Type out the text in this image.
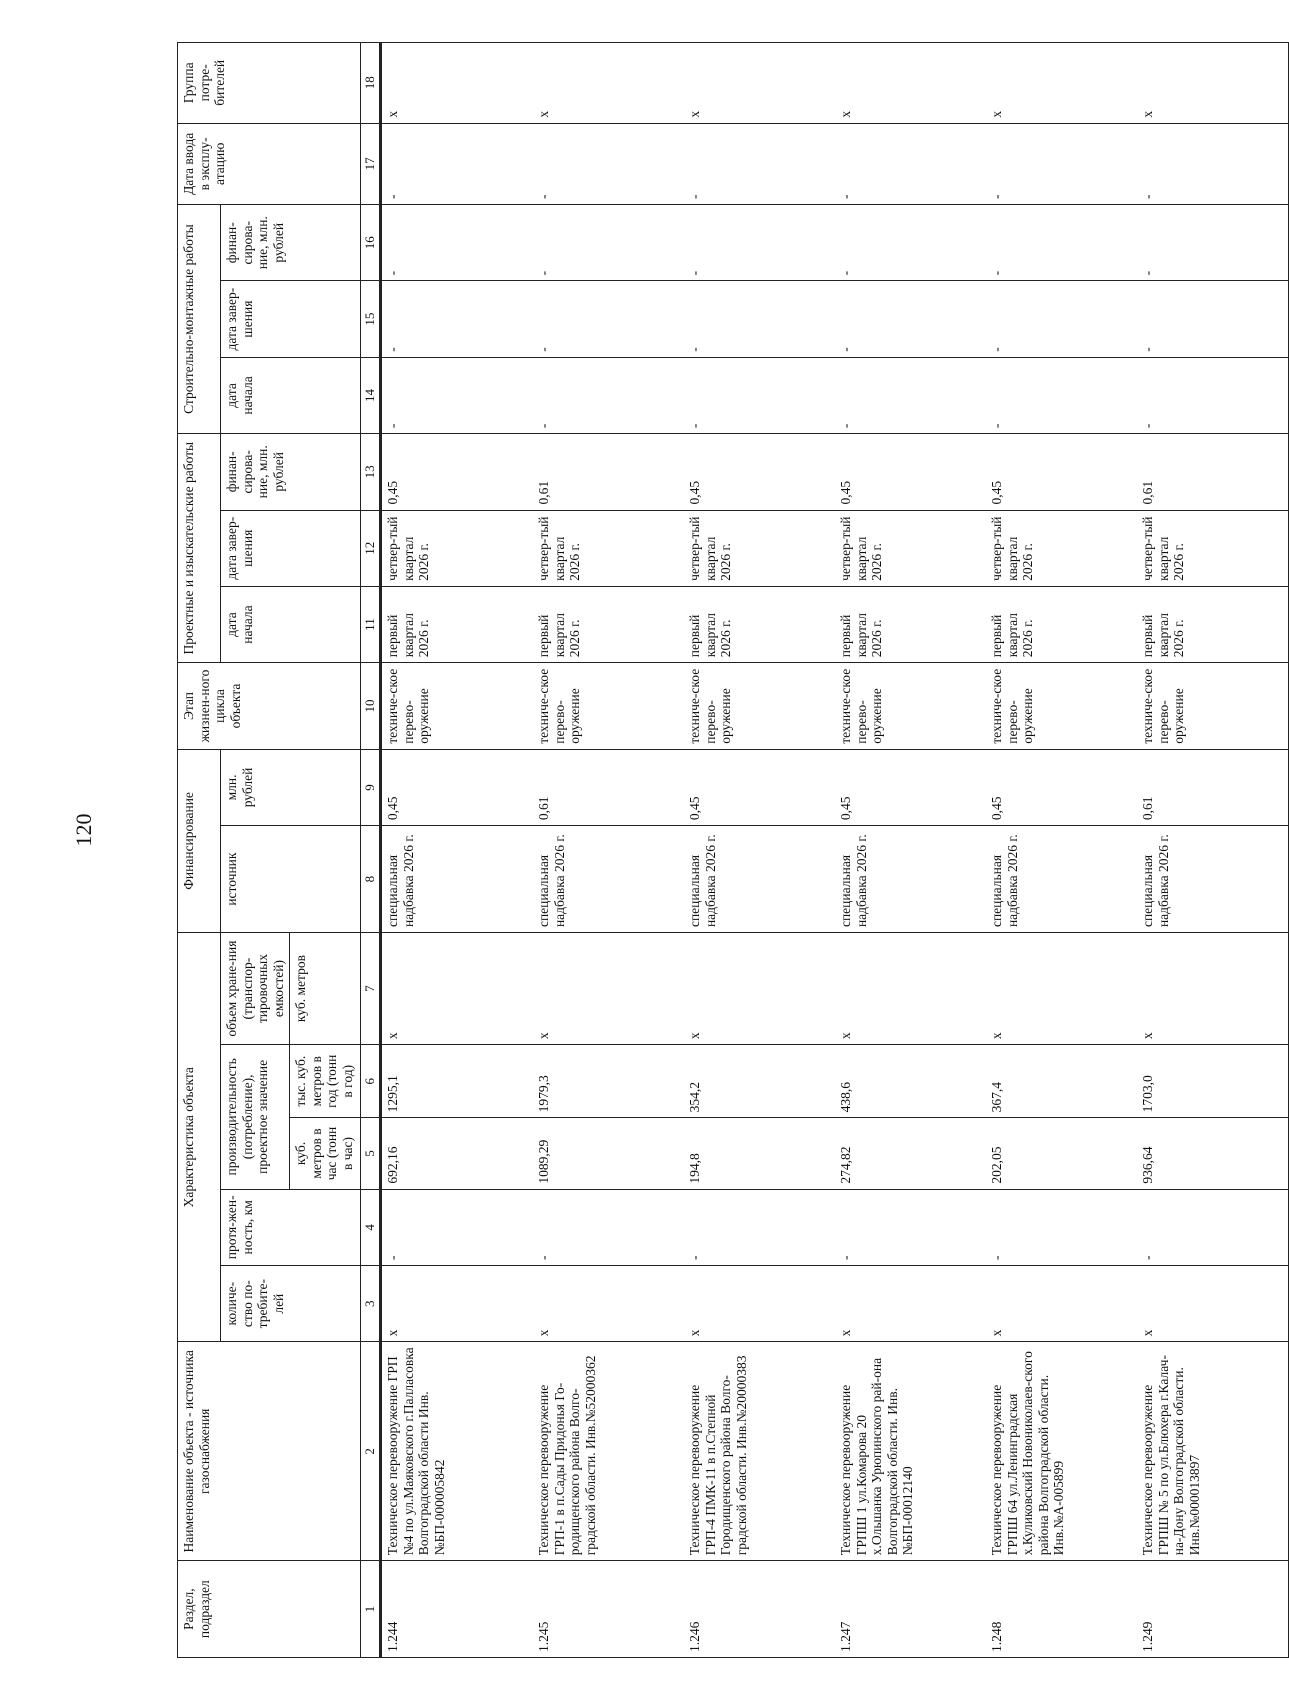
120
Раздел, подраздел	Наименование объекта - источника газоснабжения	Характеристика объекта					Финансирование		Этап жизнен-ного цикла объекта	Проектные и изыскательские работы			Строительно-монтажные работы			Дата ввода в эксплу-атацию	Группа потре-бителей
		количе-ство по-требите-лей	протя-жен-ность, км	производительность (потребление), проектное значение		объем хране-ния (транспор-тировочных емкостей)	источник	млн. рублей		дата начала	дата завер-шения	финан-сирова-ние, млн. рублей	дата начала	дата завер-шения	финан-сирова-ние, млн. рублей		
				куб. метров в час (тонн в час)	тыс. куб. метров в год (тонн в год)	куб. метров											
1	2	3	4	5	6	7	8	9	10	11	12	13	14	15	16	17	18
1.244	Техническое перевооружение ГРП №4 по ул.Маяковского г.Палласовка Волгоградской области Инв.№БП-000005842	х	-	692,16	1295,1	х	специальная надбавка 2026 г.	0,45	техниче-ское перево-оружение	первый квартал 2026 г.	четвер-тый квартал 2026 г.	0,45	-	-	-	-	х
1.245	Техническое перевооружение ГРП-1 в п.Сады Придонья Го-родищенского района Волго-градской области. Инв.№52000362	х	-	1089,29	1979,3	х	специальная надбавка 2026 г.	0,61	техниче-ское перево-оружение	первый квартал 2026 г.	четвер-тый квартал 2026 г.	0,61	-	-	-	-	х
1.246	Техническое перевооружение ГРП-4 ПМК-11 в п.Степной Городищенского района Волго-градской области. Инв.№20000383	х	-	194,8	354,2	х	специальная надбавка 2026 г.	0,45	техниче-ское перево-оружение	первый квартал 2026 г.	четвер-тый квартал 2026 г.	0,45	-	-	-	-	х
1.247	Техническое перевооружение ГРПШ 1 ул.Комарова 20 х.Ольшанка Урюпинского рай-она Волгоградской области. Инв.№БП-00012140	х	-	274,82	438,6	х	специальная надбавка 2026 г.	0,45	техниче-ское перево-оружение	первый квартал 2026 г.	четвер-тый квартал 2026 г.	0,45	-	-	-	-	х
1.248	Техническое перевооружение ГРПШ 64 ул.Ленинградская х.Куликовский Новониколаев-ского района Волгоградской области. Инв.№А-005899	х	-	202,05	367,4	х	специальная надбавка 2026 г.	0,45	техниче-ское перево-оружение	первый квартал 2026 г.	четвер-тый квартал 2026 г.	0,45	-	-	-	-	х
1.249	Техническое перевооружение ГРПШ № 5 по ул.Блюхера г.Калач-на-Дону Волгоградской области. Инв.№000013897	х	-	936,64	1703,0	х	специальная надбавка 2026 г.	0,61	техниче-ское перево-оружение	первый квартал 2026 г.	четвер-тый квартал 2026 г.	0,61	-	-	-	-	х
